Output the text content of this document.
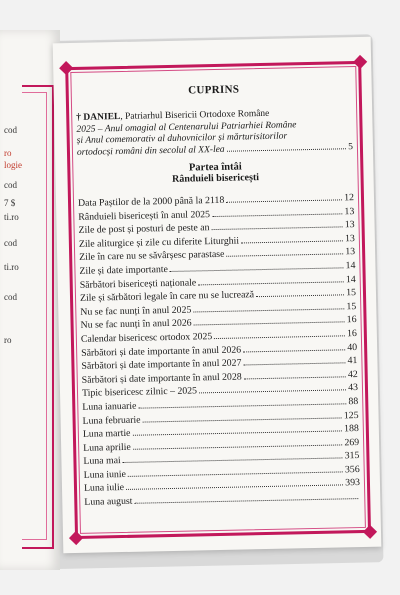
cod
ro
logie
cod
7 $
ti.ro
cod
ti.ro
cod
ro
CUPRINS
† DANIEL, Patriarhul Bisericii Ortodoxe Române
2025 – Anul omagial al Centenarului Patriarhiei Române
și Anul comemorativ al duhovnicilor și mărturisitorilor
ortodocși români din secolul al XX-lea	5
Partea întâi
Rânduieli bisericești
Data Paștilor de la 2000 până la 2118	12
Rânduieli bisericești în anul 2025	13
Zile de post și posturi de peste an	13
Zile aliturgice și zile cu diferite Liturghii	13
Zile în care nu se săvârșesc parastase	13
Zile și date importante	14
Sărbători bisericești naționale	14
Zile și sărbători legale în care nu se lucrează	15
Nu se fac nunți în anul 2025	15
Nu se fac nunți în anul 2026	16
Calendar bisericesc ortodox 2025	16
Sărbători și date importante în anul 2026	40
Sărbători și date importante în anul 2027	41
Sărbători și date importante în anul 2028	42
Tipic bisericesc zilnic – 2025	43
Luna ianuarie	88
Luna februarie	125
Luna martie	188
Luna aprilie	269
Luna mai	315
Luna iunie	356
Luna iulie	393
Luna august
